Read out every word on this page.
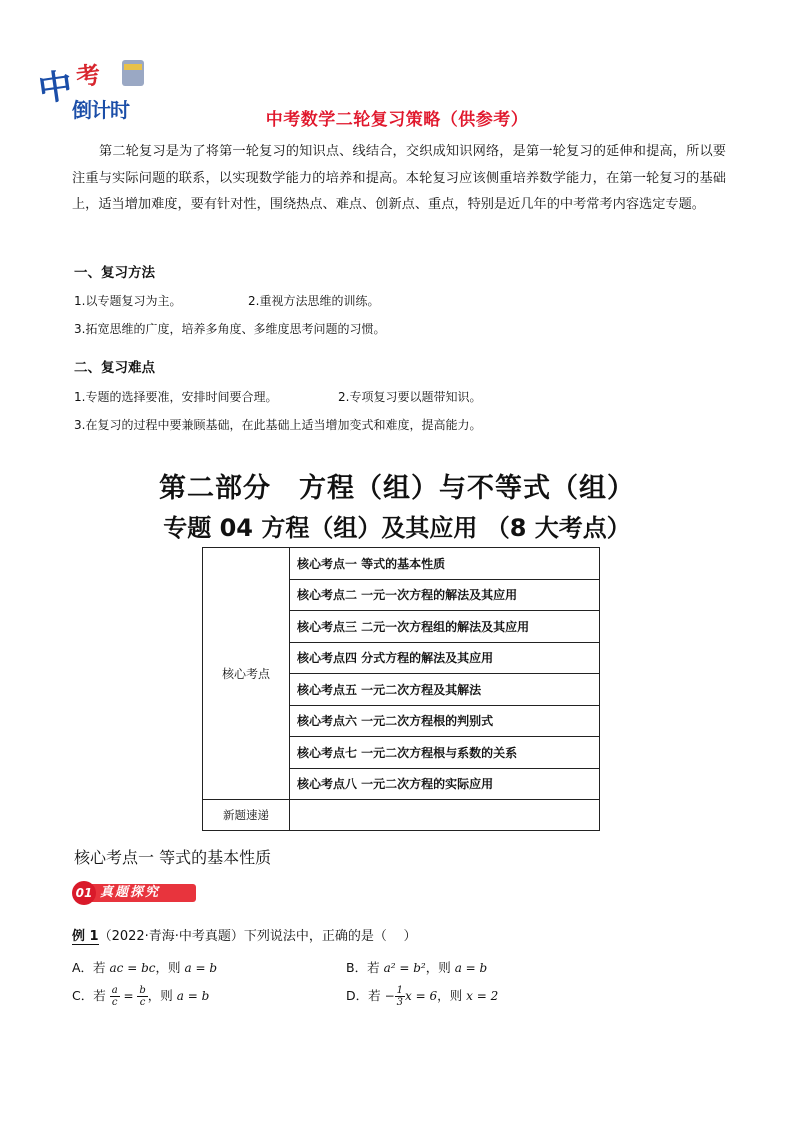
中 考
倒计时	中考数学二轮复习策略（供参考）

第二轮复习是为了将第一轮复习的知识点、线结合，交织成知识网络，是第一轮复习的延伸和提高，所以要注重与实际问题的联系，以实现数学能力的培养和提高。本轮复习应该侧重培养数学能力，在第一轮复习的基础上，适当增加难度，要有针对性，围绕热点、难点、创新点、重点，特别是近几年的中考常考内容选定专题。

一、复习方法
1.以专题复习为主。	2.重视方法思维的训练。
3.拓宽思维的广度，培养多角度、多维度思考问题的习惯。
二、复习难点
1.专题的选择要准，安排时间要合理。	2.专项复习要以题带知识。
3.在复习的过程中要兼顾基础，在此基础上适当增加变式和难度，提高能力。
第二部分　方程（组）与不等式（组）
专题 04 方程（组）及其应用 （8 大考点）
核心考点	核心考点一 等式的基本性质
	核心考点二 一元一次方程的解法及其应用
	核心考点三 二元一次方程组的解法及其应用
	核心考点四 分式方程的解法及其应用
	核心考点五 一元二次方程及其解法
	核心考点六 一元二次方程根的判别式
	核心考点七 一元二次方程根与系数的关系
	核心考点八 一元二次方程的实际应用
新题速递	
核心考点一 等式的基本性质
真题探究
01
例 1（2022·青海·中考真题）下列说法中，正确的是（    ）
A．若 ac = bc，则 a = b	B．若 a² = b²，则 a = b
C．若 $\frac{a}{c} = \frac{b}{c}$ ，则 a = b	D．若 − $\frac{1}{3}$ x = 6，则 x = 2
